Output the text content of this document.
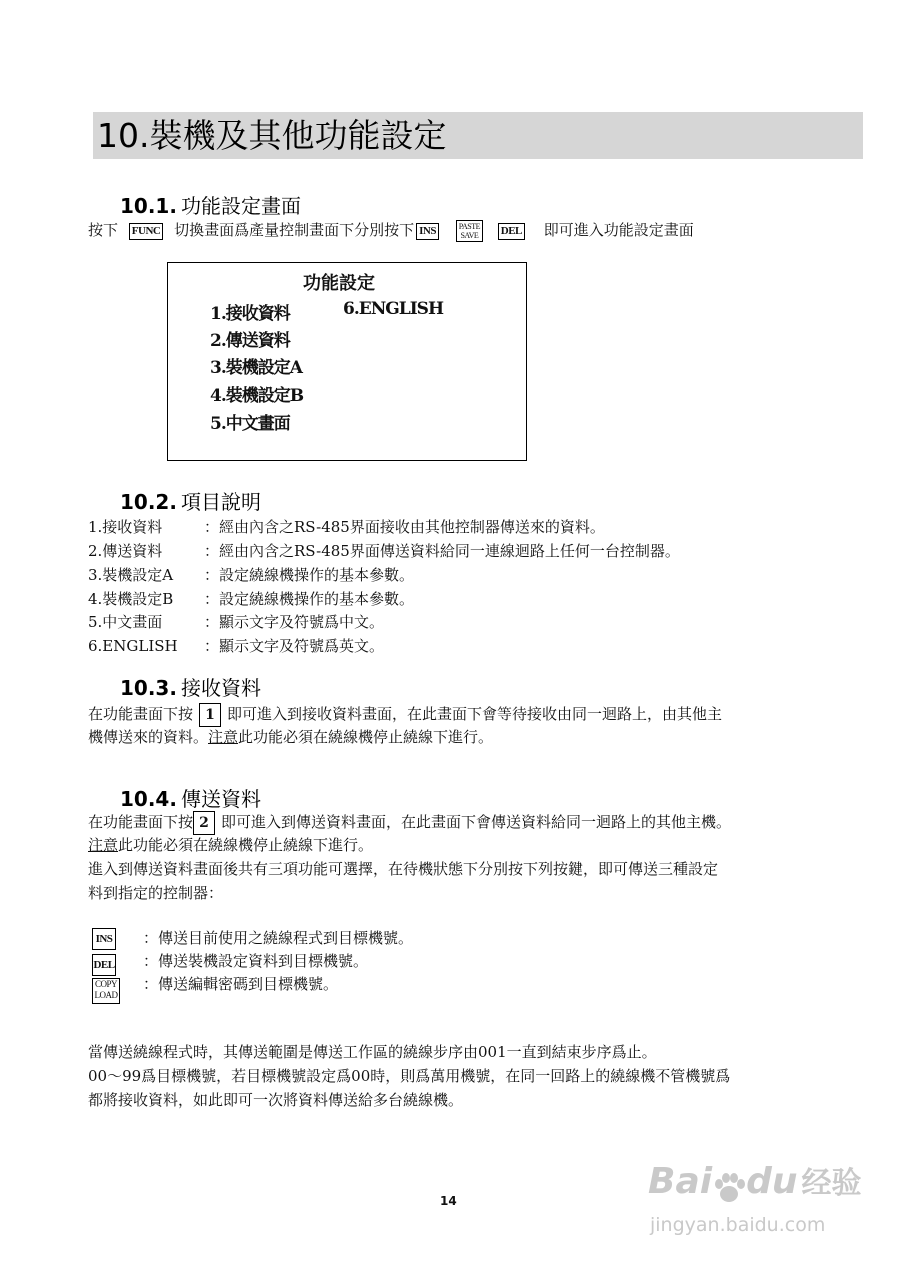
10.裝機及其他功能設定
10.1. 功能設定畫面
按下 FUNC 切換畫面爲產量控制畫面下分別按下 INS	PASTE
SAVE DEL 即可進入功能設定畫面
功能設定
1.接收資料	6.ENGLISH
2.傳送資料
3.裝機設定A
4.裝機設定B
5.中文畫面
10.2. 項目說明
1.接收資料	：經由內含之RS-485界面接收由其他控制器傳送來的資料。
2.傳送資料	：經由內含之RS-485界面傳送資料給同一連線迴路上任何一台控制器。
3.裝機設定A ：設定繞線機操作的基本參數。
4.裝機設定B ：設定繞線機操作的基本參數。
5.中文畫面	：顯示文字及符號爲中文。
6.ENGLISH ：顯示文字及符號爲英文。
10.3. 接收資料
在功能畫面下按 1 即可進入到接收資料畫面，在此畫面下會等待接收由同一迴路上，由其他主
機傳送來的資料。注意此功能必須在繞線機停止繞線下進行。
10.4. 傳送資料
在功能畫面下按 2 即可進入到傳送資料畫面，在此畫面下會傳送資料給同一迴路上的其他主機。
注意此功能必須在繞線機停止繞線下進行。
進入到傳送資料畫面後共有三項功能可選擇，在待機狀態下分別按下列按鍵，即可傳送三種設定
料到指定的控制器：
INS ：傳送目前使用之繞線程式到目標機號。
DEL ：傳送裝機設定資料到目標機號。
COPY
LOAD
：傳送編輯密碼到目標機號。
當傳送繞線程式時，其傳送範圍是傳送工作區的繞線步序由001一直到結束步序爲止。
00～99爲目標機號，若目標機號設定爲00時，則爲萬用機號，在同一回路上的繞線機不管機號爲
都將接收資料，如此即可一次將資料傳送給多台繞線機。
14	Bai du 经验
jingyan.baidu.com
